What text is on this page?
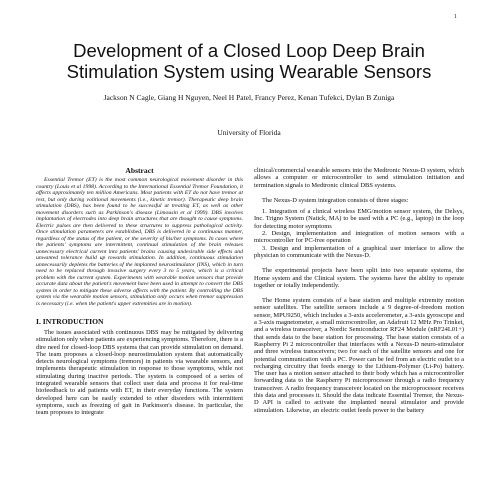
1
Development of a Closed Loop Deep Brain
Stimulation System using Wearable Sensors
Jackson N Cagle, Giang H Nguyen, Neel H Patel, Francy Perez, Kenan Tufekci, Dylan B Zuniga
University of Florida
Abstract

Essential Tremor (ET) is the most common neurological movement disorder in this country (Louis et al 1998). According to the International Essential Tremor Foundation, it affects approximately ten million Americans. Most patients with ET do not have tremor at rest, but only during volitional movements (i.e., kinetic tremor). Therapeutic deep brain stimulation (DBS), has been found to be successful at treating ET, as well as other movement disorders such as Parkinson's disease (Limousin et al 1999). DBS involves implantation of electrodes into deep brain structures that are thought to cause symptoms. Electric pulses are then delivered to these structures to suppress pathological activity. Once stimulation parameters are established, DBS is delivered in a continuous manner, regardless of the status of the patient, or the severity of his/her symptoms. In cases where the patients' symptoms are intermittent, continual stimulation of the brain releases unnecessary electrical current into patients' brains causing undesirable side effects and unwanted tolerance build up towards stimulation. In addition, continuous stimulation unnecessarily depletes the batteries of the implanted neurostimulator (INS), which in turn need to be replaced through invasive surgery every 3 to 5 years, which is a critical problem with the current system. Experiments with wearable motion sensors that provide accurate data about the patient's movement have been used in attempt to convert the DBS system in order to mitigate these adverse affects with the patient. By controlling the DBS system via the wearable motion sensors, stimulation only occurs when tremor suppression is necessary (i.e. when the patient's upper extremities are in motion).

I. INTRODUCTION

The issues associated with continuous DBS may be mitigated by delivering stimulation only when patients are experiencing symptoms. Therefore, there is a dire need for closed-loop DBS systems that can provide stimulation on demand. The team proposes a closed-loop neurostimulation system that automatically detects neurological symptoms (tremors) in patients via wearable sensors, and implements therapeutic stimulation in response to those symptoms, while not stimulating during inactive periods. The system is composed of a series of integrated wearable sensors that collect user data and process it for real-time biofeedback to aid patients with ET, in their everyday functions. The system developed here can be easily extended to other disorders with intermittent symptoms, such as freezing of gait in Parkinson's disease. In particular, the team proposes to integrate

clinical/commercial wearable sensors into the Medtronic Nexus-D system, which allows a computer or microcontroller to send stimulation initiation and termination signals to Medtronic clinical DBS systems.

The Nexus-D system integration consists of three stages:

1. Integration of a clinical wireless EMG/motion sensor system, the Delsys, Inc. Trigno System (Natick, MA) to be used with a PC (e.g., laptop) in the loop for detecting motor symptoms

2. Design, implementation and integration of motion sensors with a microcontroller for PC-free operation

3. Design and implementation of a graphical user interface to allow the physician to communicate with the Nexus-D.

The experimental projects have been split into two separate systems, the Home system and the Clinical system. The systems have the ability to operate together or totally independently.

The Home system consists of a base station and multiple extremity motion sensor satellites. The satellite sensors include a 9 degree-of-freedom motion sensor, MPU9250, which includes a 3-axis accelerometer, a 3-axis gyroscope and a 3-axis magnetometer, a small microcontroller, an Adafruit 12 MHz Pro Trinket, and a wireless transceiver, a Nordic Semiconductor RF24 Module (nRF24L01+) that sends data to the base station for processing. The base station consists of a Raspberry Pi 2 microcontroller that interfaces with a Nexus-D neuro-stimulator and three wireless transceivers; two for each of the satellite sensors and one for potential communication with a PC. Power can be fed from an electric outlet to a recharging circuitry that feeds energy to the Lithium-Polymer (Li-Po) battery. The user has a motion sensor attached to their body which has a microcontroller forwarding data to the Raspberry Pi microprocessor through a radio frequency transceiver. A radio frequency transceiver located on the microprocessor receives this data and processes it. Should the data indicate Essential Tremor, the Nexus-D API is called to activate the implanted neural stimulator and provide stimulation. Likewise, an electric outlet feeds power to the battery
